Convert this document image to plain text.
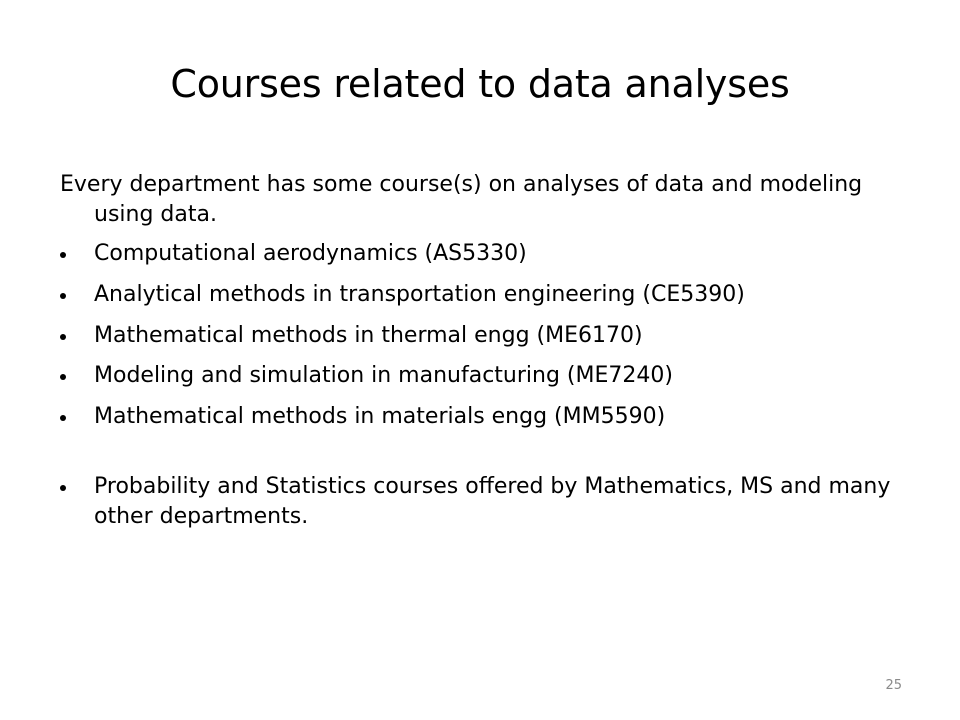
Courses related to data analyses

Every department has some course(s) on analyses of data and modeling using data.

Computational aerodynamics (AS5330)
Analytical methods in transportation engineering (CE5390)
Mathematical methods in thermal engg (ME6170)
Modeling and simulation in manufacturing (ME7240)
Mathematical methods in materials engg (MM5590)
Probability and Statistics courses offered by Mathematics, MS and many other departments.
25
